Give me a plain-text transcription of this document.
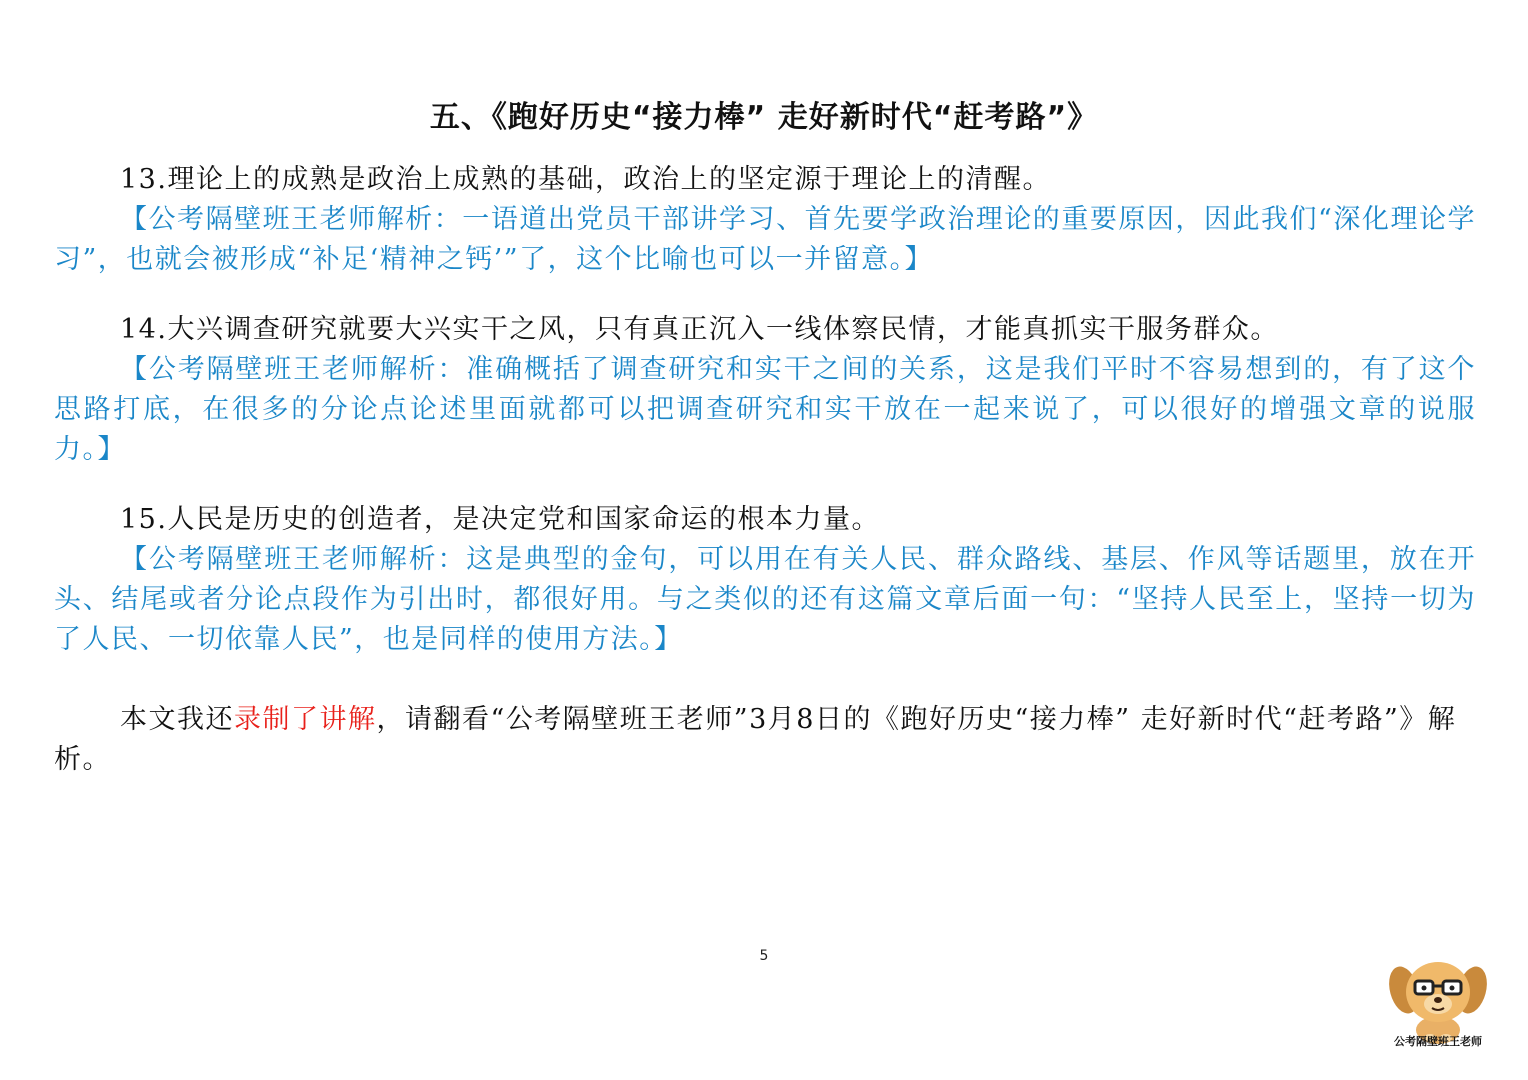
五、《跑好历史“接力棒” 走好新时代“赶考路”》

13.理论上的成熟是政治上成熟的基础，政治上的坚定源于理论上的清醒。

【公考隔壁班王老师解析：一语道出党员干部讲学习、首先要学政治理论的重要原因，因此我们“深化理论学习”，也就会被形成“补足‘精神之钙’”了，这个比喻也可以一并留意。】

14.大兴调查研究就要大兴实干之风，只有真正沉入一线体察民情，才能真抓实干服务群众。

【公考隔壁班王老师解析：准确概括了调查研究和实干之间的关系，这是我们平时不容易想到的，有了这个思路打底，在很多的分论点论述里面就都可以把调查研究和实干放在一起来说了，可以很好的增强文章的说服力。】

15.人民是历史的创造者，是决定党和国家命运的根本力量。

【公考隔壁班王老师解析：这是典型的金句，可以用在有关人民、群众路线、基层、作风等话题里，放在开头、结尾或者分论点段作为引出时，都很好用。与之类似的还有这篇文章后面一句：“坚持人民至上，坚持一切为了人民、一切依靠人民”，也是同样的使用方法。】

本文我还录制了讲解，请翻看“公考隔壁班王老师”3月8日的《跑好历史“接力棒” 走好新时代“赶考路”》解析。

5
公考隔壁班王老师
